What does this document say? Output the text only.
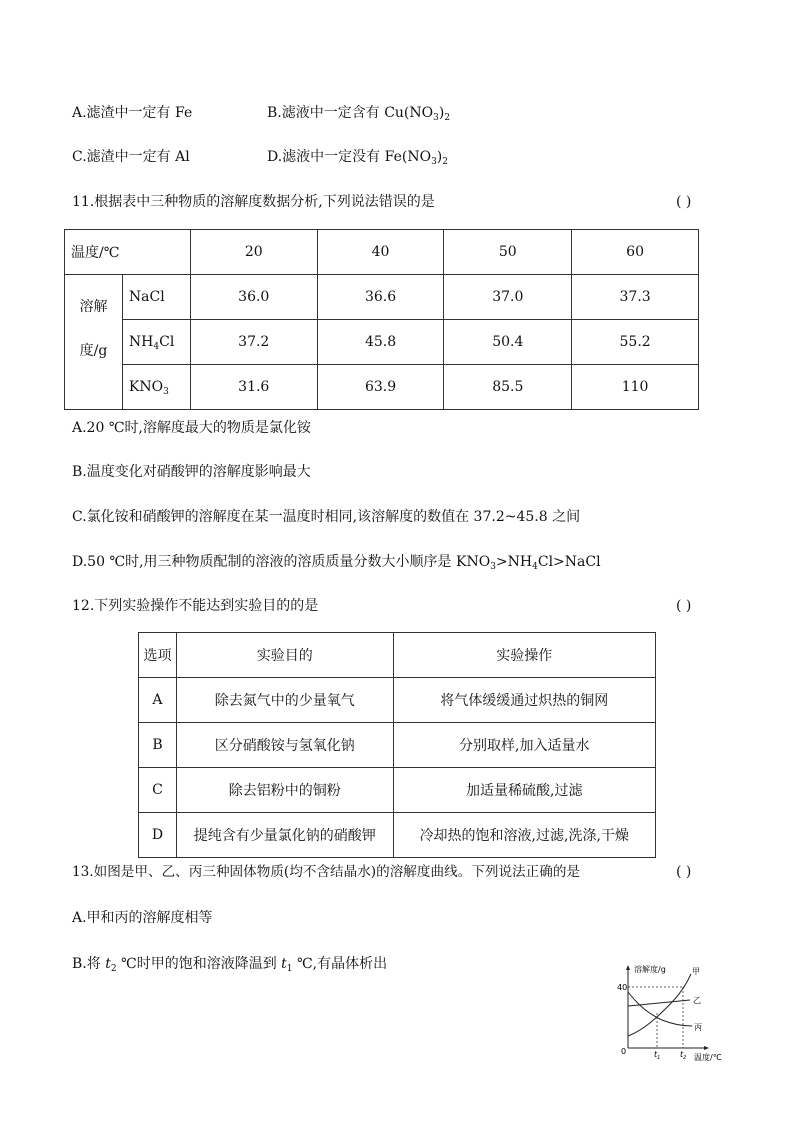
A.滤渣中一定有 Fe	B.滤液中一定含有 $Cu(NO_3)_2$
C.滤渣中一定有 Al	D.滤液中一定没有 $Fe(NO_3)_2$
11.根据表中三种物质的溶解度数据分析,下列说法错误的是	( )
温度/℃		20	40	50	60

溶解
度/g	NaCl	36.0	36.6	37.0	37.3
	$NH_4Cl$	37.2	45.8	50.4	55.2
	$KNO_3$	31.6	63.9	85.5	110
A.20 ℃时,溶解度最大的物质是氯化铵
B.温度变化对硝酸钾的溶解度影响最大
C.氯化铵和硝酸钾的溶解度在某一温度时相同,该溶解度的数值在 37.2~45.8 之间
D.50 ℃时,用三种物质配制的溶液的溶质质量分数大小顺序是 $KNO_3>NH_4Cl>NaCl$
12.下列实验操作不能达到实验目的的是	( )
选项	实验目的	实验操作
A	除去氮气中的少量氧气	将气体缓缓通过炽热的铜网
B	区分硝酸铵与氢氧化钠	分别取样,加入适量水
C	除去铝粉中的铜粉	加适量稀硫酸,过滤
D	提纯含有少量氯化钠的硝酸钾	冷却热的饱和溶液,过滤,洗涤,干燥
13.如图是甲、乙、丙三种固体物质(均不含结晶水)的溶解度曲线。下列说法正确的是	( )
A.甲和丙的溶解度相等
B.将 $t_2$ ℃时甲的饱和溶液降温到 $t_1$ ℃,有晶体析出	溶解度/g
温度/℃
40
0	$t_1$ $t_2$
甲
乙
丙
